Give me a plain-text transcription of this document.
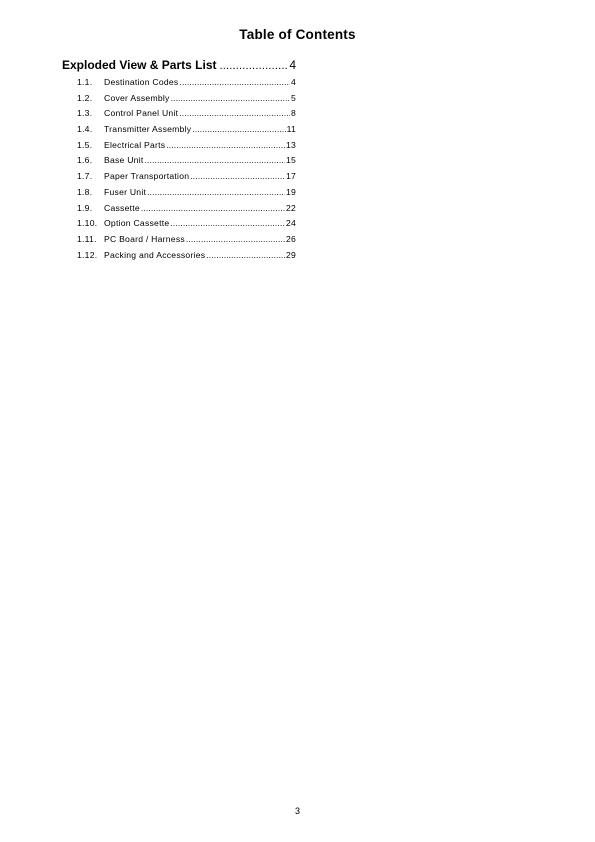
Table of Contents
Exploded View & Parts List .....	4
1.1.	Destination Codes .....	4
1.2.	Cover Assembly .....	5
1.3.	Control Panel Unit .....	8
1.4.	Transmitter Assembly .....	11
1.5.	Electrical Parts .....	13
1.6.	Base Unit .....	15
1.7.	Paper Transportation .....	17
1.8.	Fuser Unit .....	19
1.9.	Cassette .....	22
1.10. Option Cassette .....	24
1.11. PC Board / Harness .....	26
1.12. Packing and Accessories .....	29
3
